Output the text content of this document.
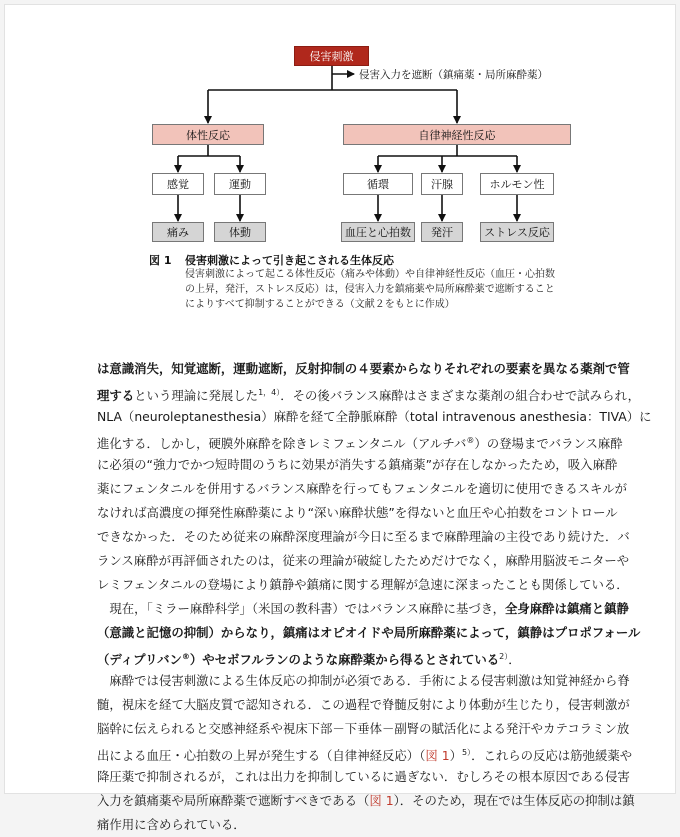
侵害刺激
侵害入力を遮断（鎮痛薬・局所麻酔薬）
体性反応	自律神経性反応
感覚	運動	循環	汗腺	ホルモン性
痛み	体動	血圧と心拍数	発汗	ストレス反応
図 1 侵害刺激によって引き起こされる生体反応
侵害刺激によって起こる体性反応（痛みや体動）や自律神経性反応（血圧・心拍数
の上昇，発汗，ストレス反応）は，侵害入力を鎮痛薬や局所麻酔薬で遮断すること
によりすべて抑制することができる（文献２をもとに作成）
は意識消失，知覚遮断，運動遮断，反射抑制の４要素からなりそれぞれの要素を異なる薬剤で管
理するという理論に発展した$^{1,4)}$．その後バランス麻酔はさまざまな薬剤の組合わせで試みられ，
NLA（neuroleptanesthesia）麻酔を経て全静脈麻酔（total intravenous anesthesia：TIVA）に
進化する．しかし，硬膜外麻酔を除きレミフェンタニル（アルチバ®）の登場までバランス麻酔
に必須の“強力でかつ短時間のうちに効果が消失する鎮痛薬”が存在しなかったため，吸入麻酔
薬にフェンタニルを併用するバランス麻酔を行ってもフェンタニルを適切に使用できるスキルが
なければ高濃度の揮発性麻酔薬により“深い麻酔状態”を得ないと血圧や心拍数をコントロール
できなかった．そのため従来の麻酔深度理論が今日に至るまで麻酔理論の主役であり続けた．バ
ランス麻酔が再評価されたのは，従来の理論が破綻したためだけでなく，麻酔用脳波モニターや
レミフェンタニルの登場により鎮静や鎮痛に関する理解が急速に深まったことも関係している．
　現在，「ミラー麻酔科学」（米国の教科書）ではバランス麻酔に基づき，全身麻酔は鎮痛と鎮静
（意識と記憶の抑制）からなり，鎮痛はオピオイドや局所麻酔薬によって，鎮静はプロポフォール
（ディプリバン®）やセボフルランのような麻酔薬から得るとされている$^{2)}$．
　麻酔では侵害刺激による生体反応の抑制が必須である．手術による侵害刺激は知覚神経から脊
髄，視床を経て大脳皮質で認知される．この過程で脊髄反射により体動が生じたり，侵害刺激が
脳幹に伝えられると交感神経系や視床下部－下垂体－副腎の賦活化による発汗やカテコラミン放
出による血圧・心拍数の上昇が発生する（自律神経反応）（図 1）$^{5)}$．これらの反応は筋弛緩薬や
降圧薬で抑制されるが，これは出力を抑制しているに過ぎない．むしろその根本原因である侵害
入力を鎮痛薬や局所麻酔薬で遮断すべきである（図 1）．そのため，現在では生体反応の抑制は鎮
痛作用に含められている．
